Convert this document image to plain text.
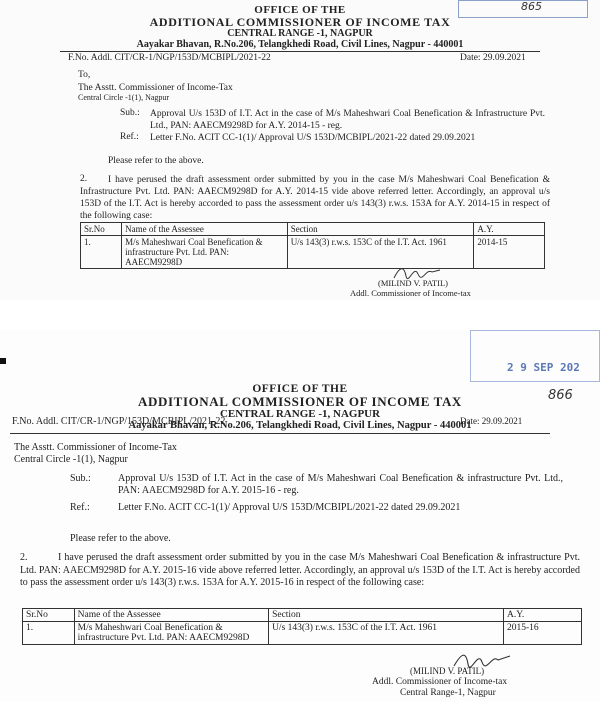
OFFICE OF THE
ADDITIONAL COMMISSIONER OF INCOME TAX
CENTRAL RANGE -1, NAGPUR
Aayakar Bhavan, R.No.206, Telangkhedi Road, Civil Lines, Nagpur - 440001
F.No. Addl. CIT/CR-1/NGP/153D/MCBIPL/2021-22	Date: 29.09.2021
865
To,
The Asstt. Commissioner of Income-Tax
Central Circle -1(1), Nagpur
Sub.: Approval U/s 153D of I.T. Act in the case of M/s Maheshwari Coal Benefication & Infrastructure Pvt. Ltd., PAN: AAECM9298D for A.Y. 2014-15 - reg.
Ref.: Letter F.No. ACIT CC-1(1)/ Approval U/S 153D/MCBIPL/2021-22 dated 29.09.2021
Please refer to the above.
2.	I have perused the draft assessment order submitted by you in the case M/s Maheshwari Coal Benefication & Infrastructure Pvt. Ltd. PAN: AAECM9298D for A.Y. 2014-15 vide above referred letter. Accordingly, an approval u/s 153D of the I.T. Act is hereby accorded to pass the assessment order u/s 143(3) r.w.s. 153A for A.Y. 2014-15 in respect of the following case:
Sr.No	Name of the Assessee	Section	A.Y.
1.	M/s Maheshwari Coal Benefication & infrastructure Pvt. Ltd. PAN: AAECM9298D	U/s 143(3) r.w.s. 153C of the I.T. Act. 1961	2014-15
(MILIND V. PATIL)
Addl. Commissioner of Income-tax
2 9 SEP 202
866
OFFICE OF THE
ADDITIONAL COMMISSIONER OF INCOME TAX
CENTRAL RANGE -1, NAGPUR
Aayakar Bhavan, R.No.206, Telangkhedi Road, Civil Lines, Nagpur - 440001
F.No. Addl. CIT/CR-1/NGP/153D/MCBIPL/2021-22	Date: 29.09.2021
The Asstt. Commissioner of Income-Tax
Central Circle -1(1), Nagpur
Sub.:	Approval U/s 153D of I.T. Act in the case of M/s Maheshwari Coal Benefication & infrastructure Pvt. Ltd., PAN: AAECM9298D for A.Y. 2015-16 - reg.
Ref.:	Letter F.No. ACIT CC-1(1)/ Approval U/S 153D/MCBIPL/2021-22 dated 29.09.2021
Please refer to the above.
2.	I have perused the draft assessment order submitted by you in the case M/s Maheshwari Coal Benefication & infrastructure Pvt. Ltd. PAN: AAECM9298D for A.Y. 2015-16 vide above referred letter. Accordingly, an approval u/s 153D of the I.T. Act is hereby accorded to pass the assessment order u/s 143(3) r.w.s. 153A for A.Y. 2015-16 in respect of the following case:
Sr.No	Name of the Assessee	Section	A.Y.
1.	M/s Maheshwari Coal Benefication & infrastructure Pvt. Ltd. PAN: AAECM9298D	U/s 143(3) r.w.s. 153C of the I.T. Act. 1961	2015-16
(MILIND V. PATIL)
Addl. Commissioner of Income-tax
Central Range-1, Nagpur
